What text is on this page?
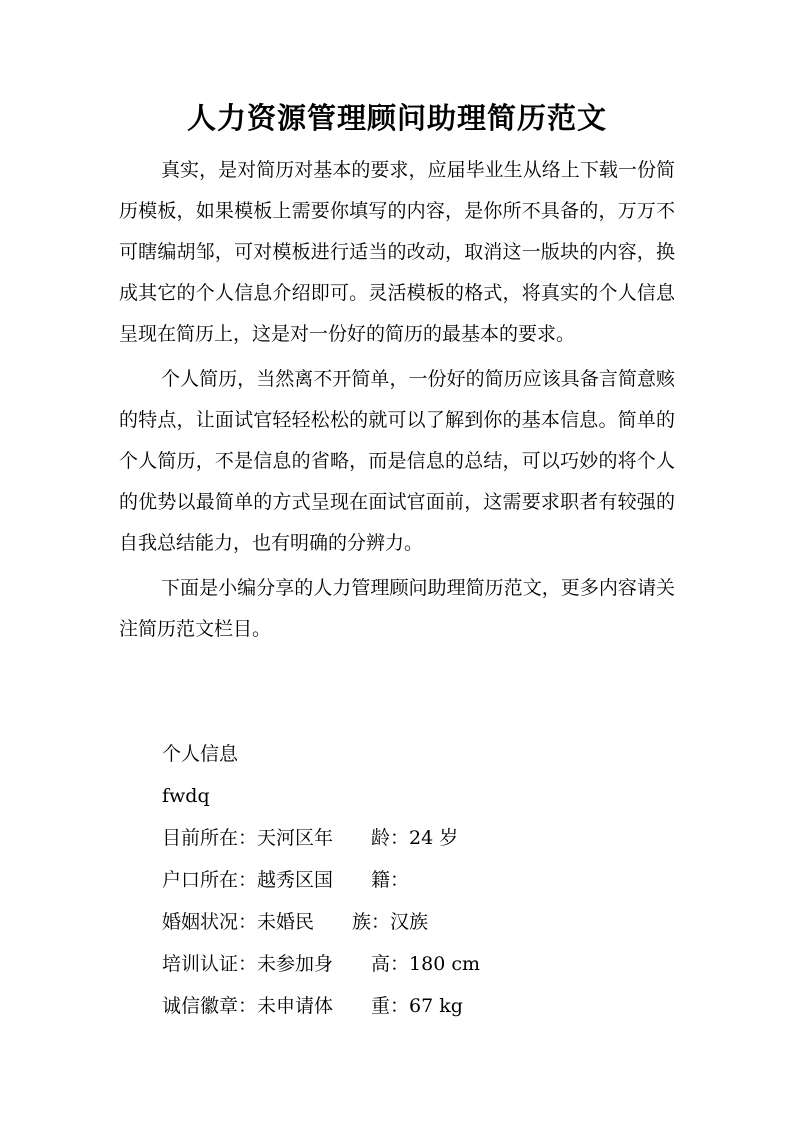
人力资源管理顾问助理简历范文

真实，是对简历对基本的要求，应届毕业生从络上下载一份简历模板，如果模板上需要你填写的内容，是你所不具备的，万万不可瞎编胡邹，可对模板进行适当的改动，取消这一版块的内容，换成其它的个人信息介绍即可。灵活模板的格式，将真实的个人信息呈现在简历上，这是对一份好的简历的最基本的要求。

个人简历，当然离不开简单，一份好的简历应该具备言简意赅的特点，让面试官轻轻松松的就可以了解到你的基本信息。简单的个人简历，不是信息的省略，而是信息的总结，可以巧妙的将个人的优势以最简单的方式呈现在面试官面前，这需要求职者有较强的自我总结能力，也有明确的分辨力。

下面是小编分享的人力管理顾问助理简历范文，更多内容请关注简历范文栏目。

个人信息
fwdq
目前所在：天河区年　　龄：24 岁
户口所在：越秀区国　　籍：
婚姻状况：未婚民　　族：汉族
培训认证：未参加身　　高：180 cm
诚信徽章：未申请体　　重：67 kg
